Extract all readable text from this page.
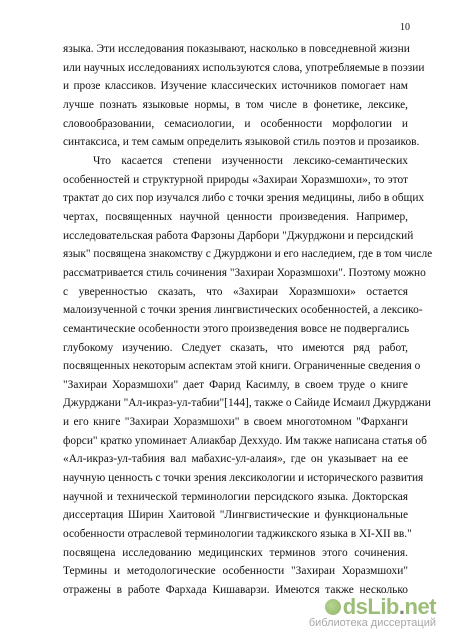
10
языка. Эти исследования показывают, насколько в повседневной жизни
или научных исследованиях используются слова, употребляемые в поэзии
и прозе классиков. Изучение классических источников помогает нам
лучше познать языковые нормы, в том числе в фонетике, лексике,
словообразовании, семасиологии, и особенности морфологии и
синтаксиса, и тем самым определить языковой стиль поэтов и прозаиков.
Что касается степени изученности лексико-семантических
особенностей и структурной природы «Захираи Хоразмшохи», то этот
трактат до сих пор изучался либо с точки зрения медицины, либо в общих
чертах, посвященных научной ценности произведения. Например,
исследовательская работа Фарзоны Дарбори "Джурджони и персидский
язык" посвящена знакомству с Джурджони и его наследием, где в том числе
рассматривается стиль сочинения "Захираи Хоразмшохи". Поэтому можно
с уверенностью сказать, что «Захираи Хоразмшохи» остается
малоизученной с точки зрения лингвистических особенностей, а лексико-
семантические особенности этого произведения вовсе не подвергались
глубокому изучению. Следует сказать, что имеются ряд работ,
посвященных некоторым аспектам этой книги. Ограниченные сведения о
"Захираи Хоразмшохи" дает Фарид Касимлу, в своем труде о книге
Джурджани "Ал-икраз-ул-табии"[144], также о Сайиде Исмаил Джурджани
и его книге "Захираи Хоразмшохи" в своем многотомном "Фарханги
форси" кратко упоминает Алиакбар Деххудо. Им также написана статья об
«Ал-икраз-ул-табиия вал мабахис-ул-алаия», где он указывает на ее
научную ценность с точки зрения лексикологии и исторического развития
научной и технической терминологии персидского языка. Докторская
диссертация Ширин Хаитовой "Лингвистические и функциональные
особенности отраслевой терминологии таджикского языка в XI-XII вв."
посвящена исследованию медицинских терминов этого сочинения.
Термины и методологические особенности "Захираи Хоразмшохи"
отражены в работе Фархада Кишаварзи. Имеются также несколько
dsLib.net
библиотека диссертаций
